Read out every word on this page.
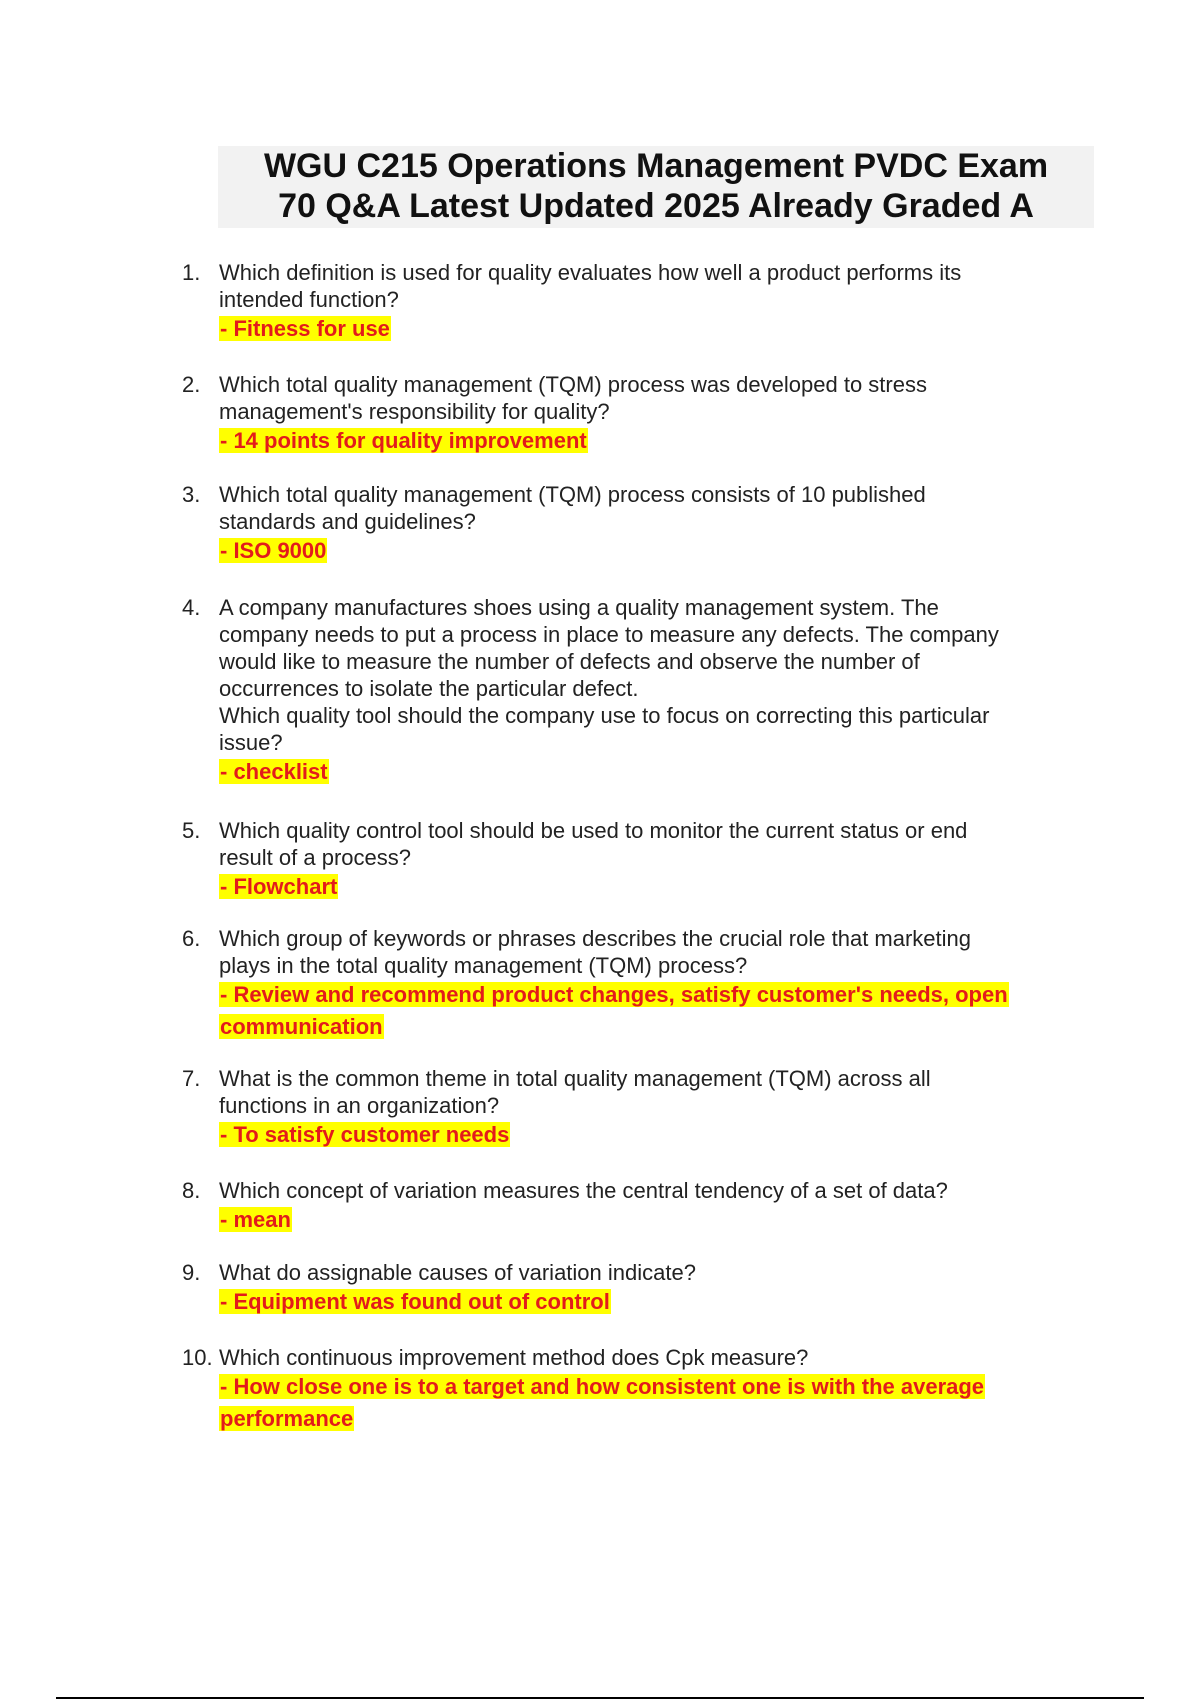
WGU C215 Operations Management PVDC Exam
70 Q&A Latest Updated 2025 Already Graded A
1. Which definition is used for quality evaluates how well a product performs its
intended function?
- Fitness for use
2. Which total quality management (TQM) process was developed to stress
management's responsibility for quality?
- 14 points for quality improvement
3. Which total quality management (TQM) process consists of 10 published
standards and guidelines?
- ISO 9000
4. A company manufactures shoes using a quality management system. The
company needs to put a process in place to measure any defects. The company
would like to measure the number of defects and observe the number of
occurrences to isolate the particular defect.
Which quality tool should the company use to focus on correcting this particular
issue?
- checklist
5. Which quality control tool should be used to monitor the current status or end
result of a process?
- Flowchart
6. Which group of keywords or phrases describes the crucial role that marketing
plays in the total quality management (TQM) process?
- Review and recommend product changes, satisfy customer's needs, open communication
7. What is the common theme in total quality management (TQM) across all
functions in an organization?
- To satisfy customer needs
8. Which concept of variation measures the central tendency of a set of data?
- mean
9. What do assignable causes of variation indicate?
- Equipment was found out of control
10. Which continuous improvement method does Cpk measure?
- How close one is to a target and how consistent one is with the average performance
